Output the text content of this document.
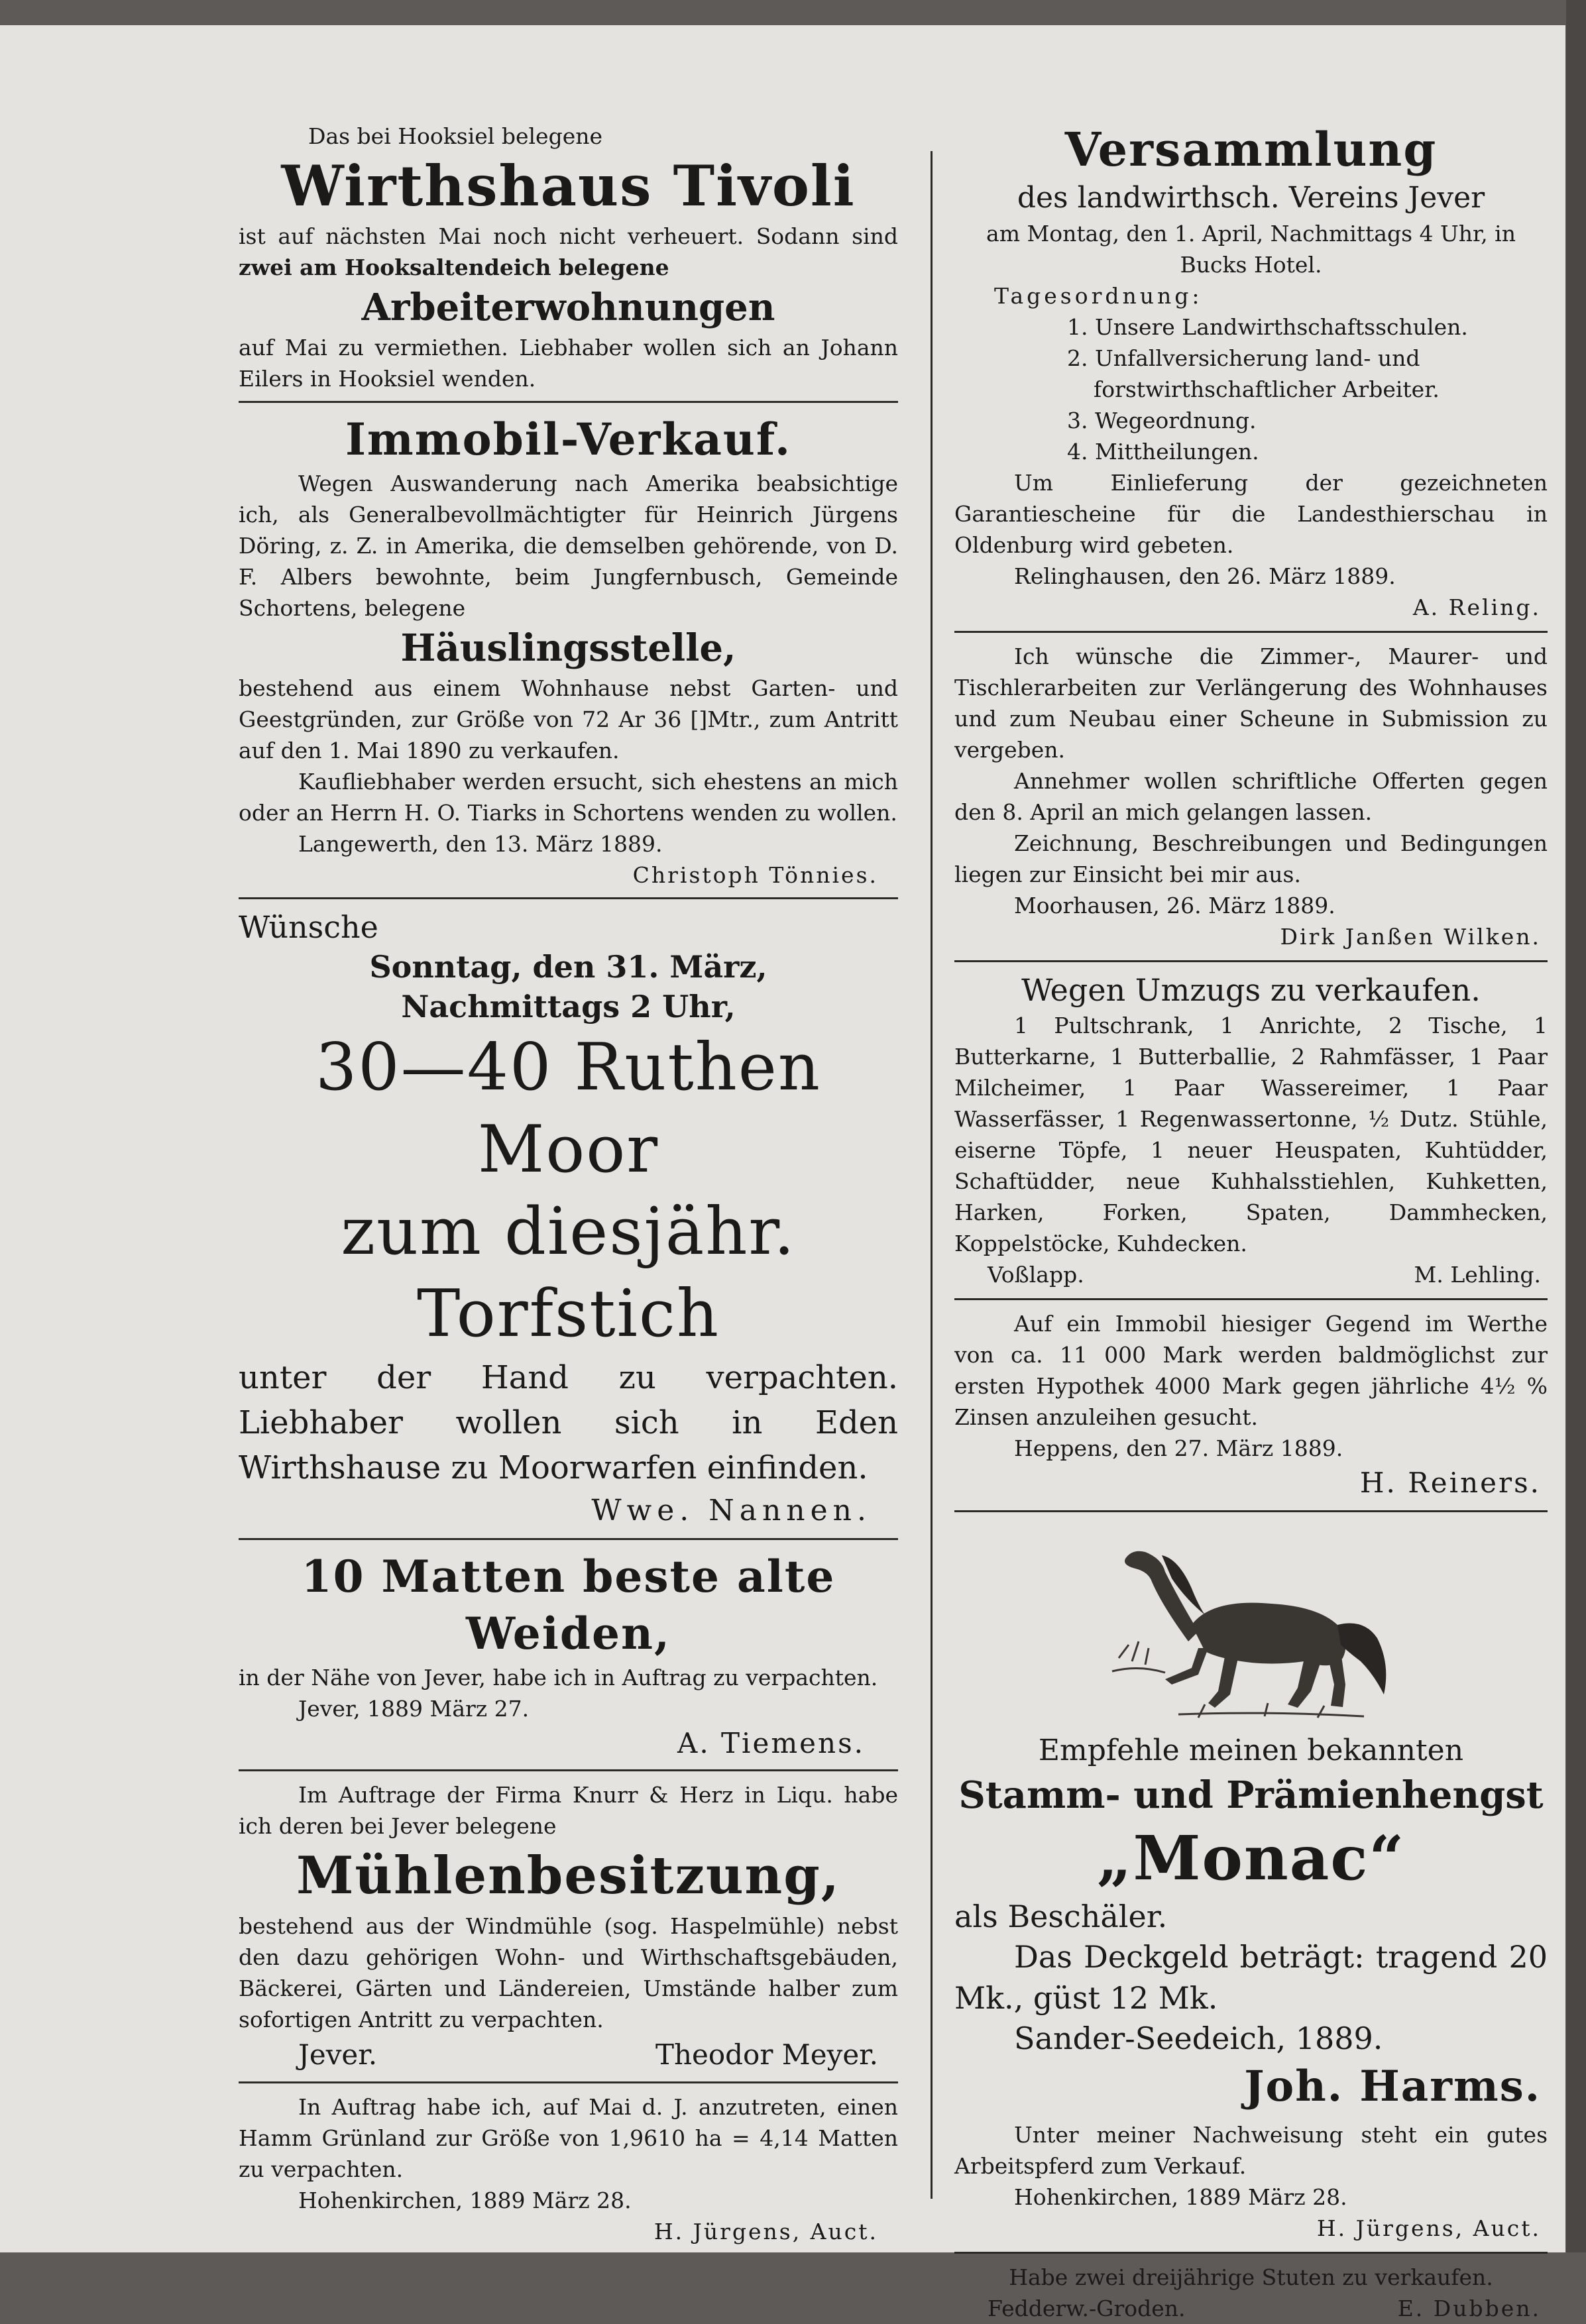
Das bei Hooksiel belegene

Wirthshaus Tivoli

ist auf nächsten Mai noch nicht verheuert. Sodann sind zwei am Hooksaltendeich belegene

Arbeiterwohnungen

auf Mai zu vermiethen. Liebhaber wollen sich an Johann Eilers in Hooksiel wenden.

Immobil-Verkauf.

Wegen Auswanderung nach Amerika beabsichtige ich, als Generalbevollmächtigter für Heinrich Jürgens Döring, z. Z. in Amerika, die demselben gehörende, von D. F. Albers bewohnte, beim Jungfernbusch, Gemeinde Schortens, belegene

Häuslingsstelle,

bestehend aus einem Wohnhause nebst Garten- und Geestgründen, zur Größe von 72 Ar 36 []Mtr., zum Antritt auf den 1. Mai 1890 zu verkaufen.

Kaufliebhaber werden ersucht, sich ehestens an mich oder an Herrn H. O. Tiarks in Schortens wenden zu wollen.

Langewerth, den 13. März 1889.

Christoph Tönnies.

Wünsche

Sonntag, den 31. März,

Nachmittags 2 Uhr,

30—40 Ruthen Moor

zum diesjähr. Torfstich

unter der Hand zu verpachten. Liebhaber wollen sich in Eden Wirthshause zu Moorwarfen einfinden.

Wwe. Nannen.

10 Matten beste alte

Weiden,

in der Nähe von Jever, habe ich in Auftrag zu verpachten.

Jever, 1889 März 27.

A. Tiemens.

Im Auftrage der Firma Knurr & Herz in Liqu. habe ich deren bei Jever belegene

Mühlenbesitzung,

bestehend aus der Windmühle (sog. Haspelmühle) nebst den dazu gehörigen Wohn- und Wirthschaftsgebäuden, Bäckerei, Gärten und Ländereien, Umstände halber zum sofortigen Antritt zu verpachten.

Jever.	Theodor Meyer.

In Auftrag habe ich, auf Mai d. J. anzutreten, einen Hamm Grünland zur Größe von 1,9610 ha = 4,14 Matten zu verpachten.

Hohenkirchen, 1889 März 28.

H. Jürgens, Auct.

Versammlung

des landwirthsch. Vereins Jever

am Montag, den 1. April, Nachmittags 4 Uhr, in Bucks Hotel.

Tagesordnung:

1. Unsere Landwirthschaftsschulen.

2. Unfallversicherung land- und forstwirthschaftlicher Arbeiter.

3. Wegeordnung.

4. Mittheilungen.

Um Einlieferung der gezeichneten Garantiescheine für die Landesthierschau in Oldenburg wird gebeten.

Relinghausen, den 26. März 1889.

A. Reling.

Ich wünsche die Zimmer-, Maurer- und Tischlerarbeiten zur Verlängerung des Wohnhauses und zum Neubau einer Scheune in Submission zu vergeben.

Annehmer wollen schriftliche Offerten gegen den 8. April an mich gelangen lassen.

Zeichnung, Beschreibungen und Bedingungen liegen zur Einsicht bei mir aus.

Moorhausen, 26. März 1889.

Dirk Janßen Wilken.

Wegen Umzugs zu verkaufen.

1 Pultschrank, 1 Anrichte, 2 Tische, 1 Butterkarne, 1 Butterballie, 2 Rahmfässer, 1 Paar Milcheimer, 1 Paar Wassereimer, 1 Paar Wasserfässer, 1 Regenwassertonne, ½ Dutz. Stühle, eiserne Töpfe, 1 neuer Heuspaten, Kuhtüdder, Schaftüdder, neue Kuhhalsstiehlen, Kuhketten, Harken, Forken, Spaten, Dammhecken, Koppelstöcke, Kuhdecken.

Voßlapp.	M. Lehling.

Auf ein Immobil hiesiger Gegend im Werthe von ca. 11 000 Mark werden baldmöglichst zur ersten Hypothek 4000 Mark gegen jährliche 4½ % Zinsen anzuleihen gesucht.

Heppens, den 27. März 1889.

H. Reiners.

Empfehle meinen bekannten

Stamm- und Prämienhengst

„Monac“

als Beschäler.

Das Deckgeld beträgt: tragend 20 Mk., güst 12 Mk.

Sander-Seedeich, 1889.

Joh. Harms.

Unter meiner Nachweisung steht ein gutes Arbeitspferd zum Verkauf.

Hohenkirchen, 1889 März 28.

H. Jürgens, Auct.

Habe zwei dreijährige Stuten zu verkaufen.

Fedderw.-Groden.	E. Dubben.
